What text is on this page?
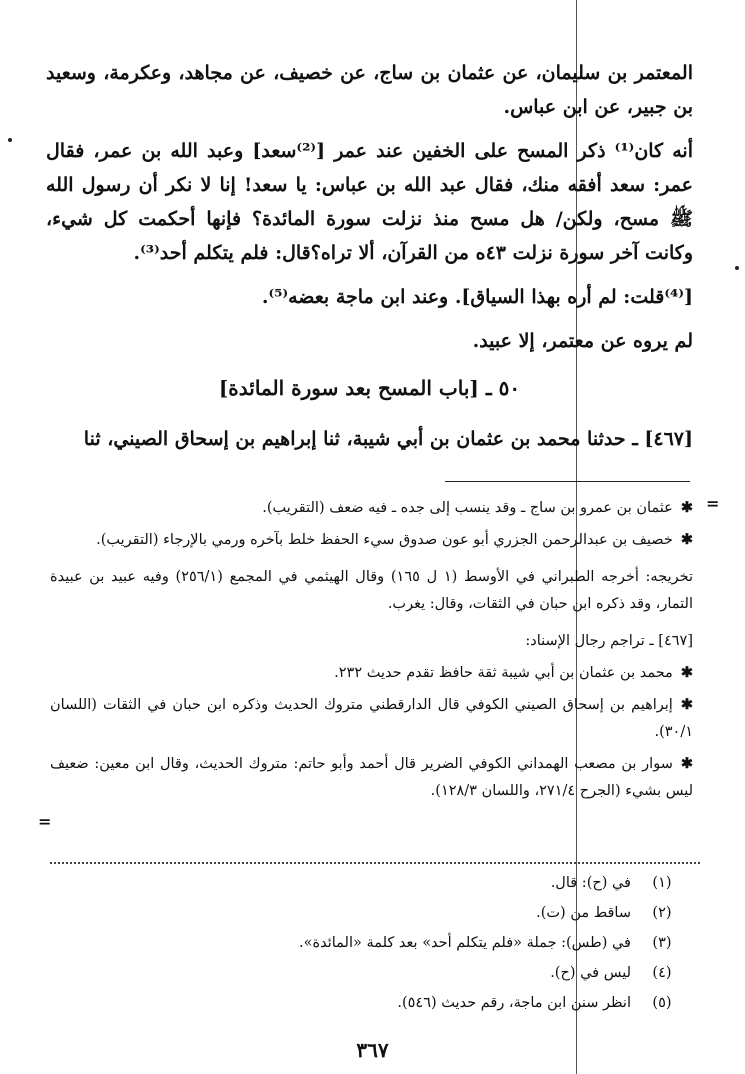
المعتمر بن سليمان، عن عثمان بن ساج، عن خصيف، عن مجاهد، وعكرمة، وسعيد بن جبير، عن ابن عباس.

أنه كان⁽¹⁾ ذكر المسح على الخفين عند عمر [⁽²⁾سعد] وعبد الله بن عمر، فقال عمر: سعد أفقه منك، فقال عبد الله بن عباس: يا سعد! إنا لا نكر أن رسول الله ﷺ مسح، ولكن/ هل مسح منذ نزلت سورة المائدة؟ فإنها أحكمت كل شيء، وكانت آخر سورة نزلت ٤٣ه من القرآن، ألا تراه؟قال: فلم يتكلم أحد⁽³⁾.

[⁽⁴⁾قلت: لم أره بهذا السياق]. وعند ابن ماجة بعضه⁽⁵⁾.

لم يروه عن معتمر، إلا عبيد.

٥٠ ـ [باب المسح بعد سورة المائدة]
[٤٦٧] ـ حدثنا محمد بن عثمان بن أبي شيبة، ثنا إبراهيم بن إسحاق الصيني، ثنا
=
=
✱عثمان بن عمرو بن ساج ـ وقد ينسب إلى جده ـ فيه ضعف (التقريب).
✱خصيف بن عبدالرحمن الجزري أبو عون صدوق سيء الحفظ خلط بآخره ورمي بالإرجاء (التقريب).
تخريجه: أخرجه الطبراني في الأوسط (١ ل ١٦٥) وقال الهيثمي في المجمع (٢٥٦/١) وفيه عبيد بن عبيدة التمار، وقد ذكره ابن حبان في الثقات، وقال: يغرب.
[٤٦٧] ـ تراجم رجال الإسناد:
✱محمد بن عثمان بن أبي شيبة ثقة حافظ تقدم حديث ٢٣٢.
✱إبراهيم بن إسحاق الصيني الكوفي قال الدارقطني متروك الحديث وذكره ابن حبان في الثقات (اللسان ٣٠/١).
✱سوار بن مصعب الهمداني الكوفي الضرير قال أحمد وأبو حاتم: متروك الحديث، وقال ابن معين: ضعيف ليس بشيء (الجرح ٢٧١/٤، واللسان ١٢٨/٣).
(١)
في (ح): قال.
(٢)
ساقط من (ت).
(٣)
في (طس): جملة «فلم يتكلم أحد» بعد كلمة «المائدة».
(٤)
ليس في (ح).
(٥)
انظر سنن ابن ماجة، رقم حديث (٥٤٦).
٣٦٧
